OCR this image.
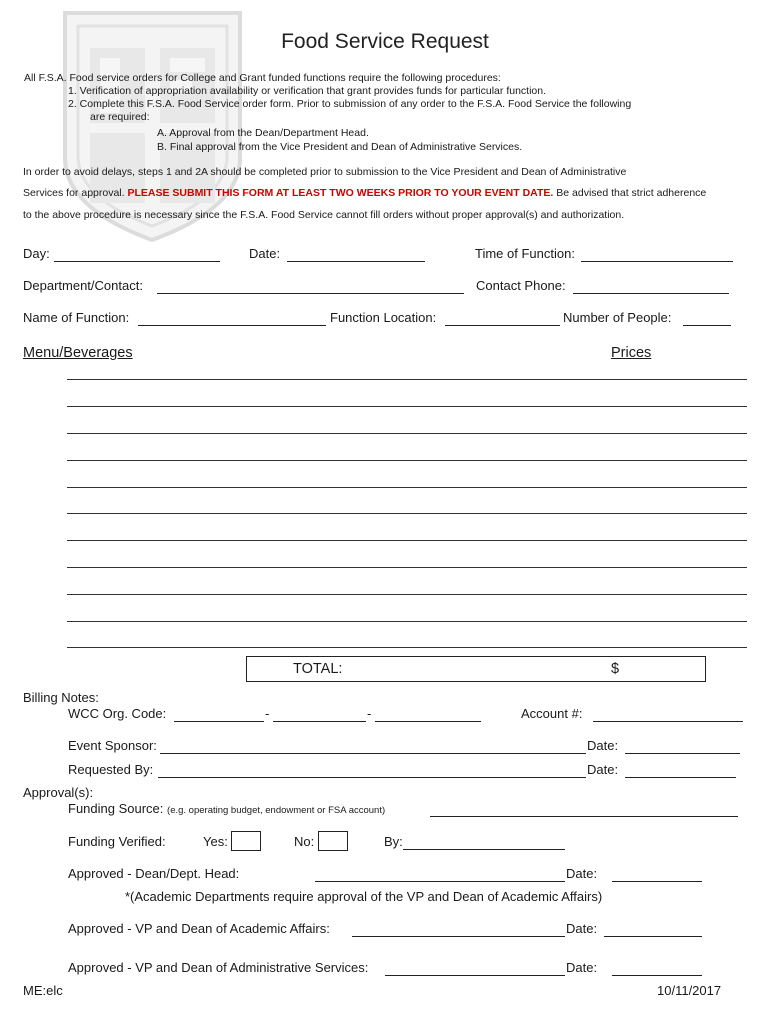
Food Service Request
All F.S.A. Food service orders for College and Grant funded functions require the following procedures:
1. Verification of appropriation availability or verification that grant provides funds for particular function.
2. Complete this F.S.A. Food Service order form. Prior to submission of any order to the F.S.A. Food Service the following
are required:
A. Approval from the Dean/Department Head.
B. Final approval from the Vice President and Dean of Administrative Services.
In order to avoid delays, steps 1 and 2A should be completed prior to submission to the Vice President and Dean of Administrative
Services for approval. PLEASE SUBMIT THIS FORM AT LEAST TWO WEEKS PRIOR TO YOUR EVENT DATE. Be advised that strict adherence
to the above procedure is necessary since the F.S.A. Food Service cannot fill orders without proper approval(s) and authorization.
Day:	Date:	Time of Function:
Department/Contact:	Contact Phone:
Name of Function:	Function Location:	Number of People:
Menu/Beverages	Prices
TOTAL:	$
Billing Notes:
WCC Org. Code:	-	-	Account #:
Event Sponsor:	Date:
Requested By:	Date:
Approval(s):
Funding Source: (e.g. operating budget, endowment or FSA account)
Funding Verified:	Yes:	No:	By:
Approved - Dean/Dept. Head:	Date:
*(Academic Departments require approval of the VP and Dean of Academic Affairs)
Approved - VP and Dean of Academic Affairs:	Date:
Approved - VP and Dean of Administrative Services:	Date:
ME:elc	10/11/2017
